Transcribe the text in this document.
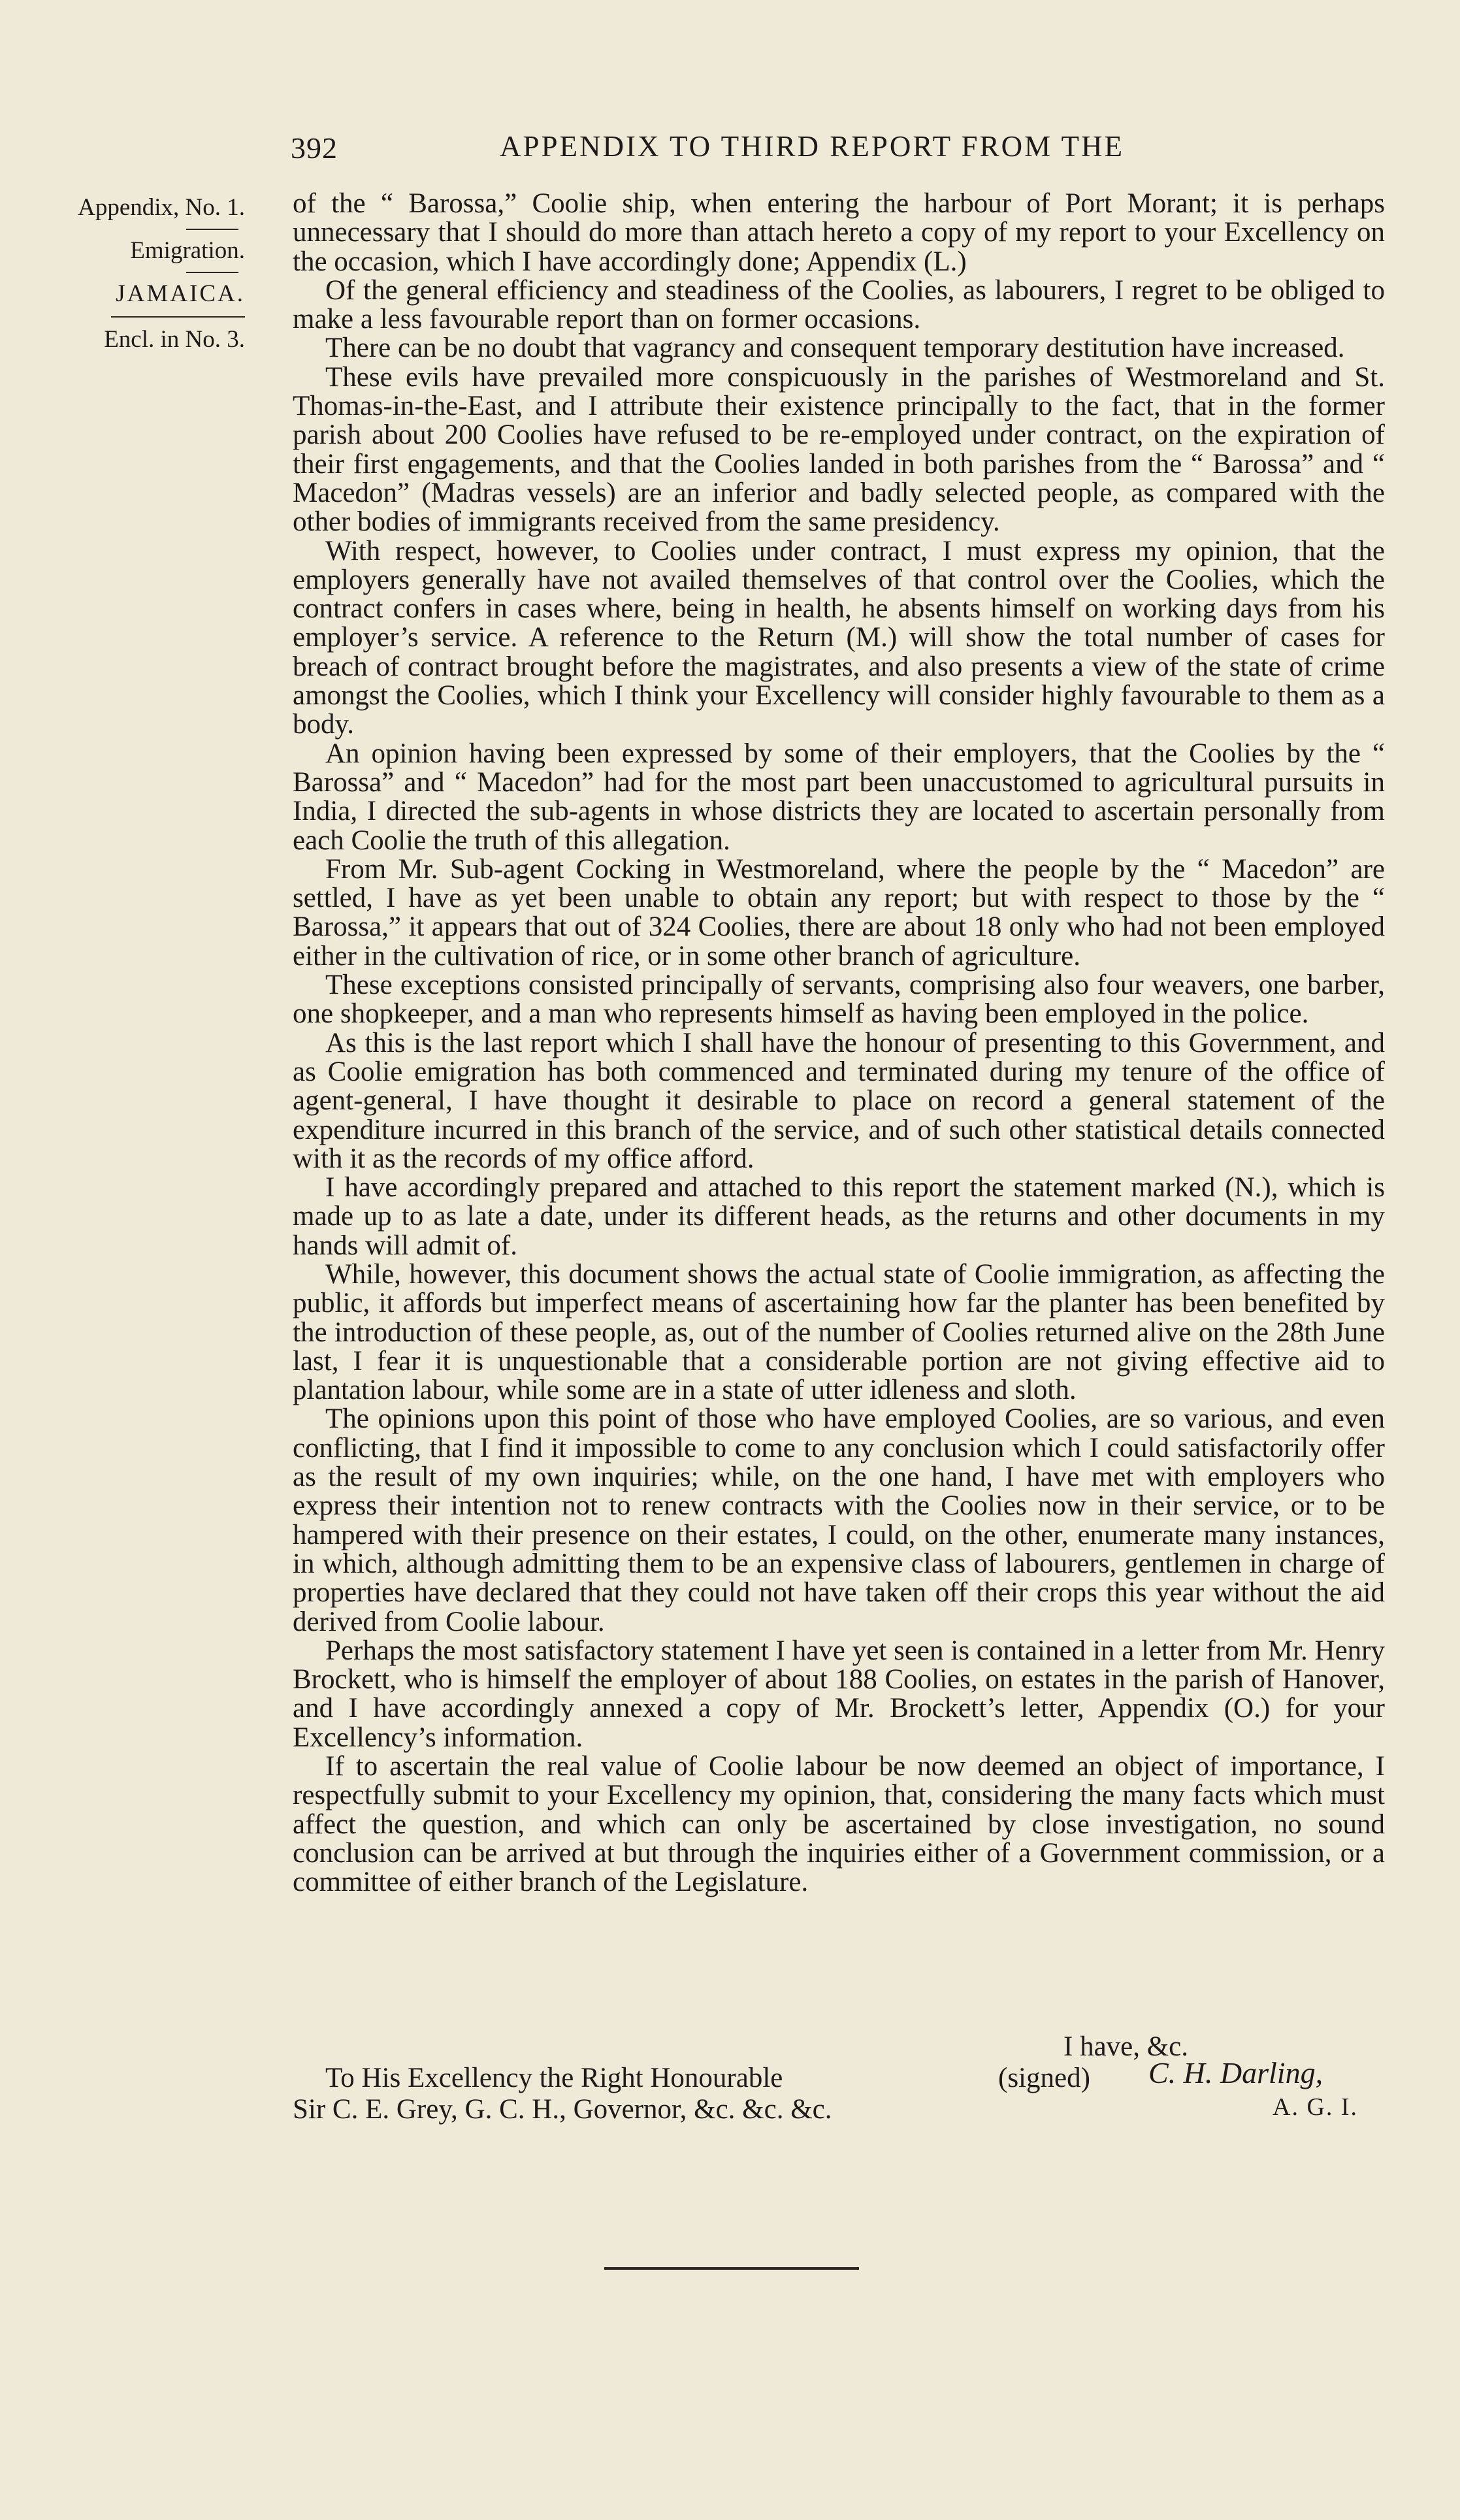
392	APPENDIX TO THIRD REPORT FROM THE
Appendix, No. 1.
Emigration.
JAMAICA.
Encl. in No. 3.

of the “ Barossa,” Coolie ship, when entering the harbour of Port Morant; it is perhaps unnecessary that I should do more than attach hereto a copy of my report to your Excellency on the occasion, which I have accordingly done; Appendix (L.)

Of the general efficiency and steadiness of the Coolies, as labourers, I regret to be obliged to make a less favourable report than on former occasions.

There can be no doubt that vagrancy and consequent temporary destitution have increased.

These evils have prevailed more conspicuously in the parishes of Westmoreland and St. Thomas-in-the-East, and I attribute their existence principally to the fact, that in the former parish about 200 Coolies have refused to be re-employed under contract, on the expiration of their first engagements, and that the Coolies landed in both parishes from the “ Barossa” and “ Macedon” (Madras vessels) are an inferior and badly selected people, as compared with the other bodies of immigrants received from the same presidency.

With respect, however, to Coolies under contract, I must express my opinion, that the employers generally have not availed themselves of that control over the Coolies, which the contract confers in cases where, being in health, he absents himself on working days from his employer’s service. A reference to the Return (M.) will show the total number of cases for breach of contract brought before the magistrates, and also presents a view of the state of crime amongst the Coolies, which I think your Excellency will consider highly favourable to them as a body.

An opinion having been expressed by some of their employers, that the Coolies by the “ Barossa” and “ Macedon” had for the most part been unaccustomed to agricultural pursuits in India, I directed the sub-agents in whose districts they are located to ascertain personally from each Coolie the truth of this allegation.

From Mr. Sub-agent Cocking in Westmoreland, where the people by the “ Macedon” are settled, I have as yet been unable to obtain any report; but with respect to those by the “ Barossa,” it appears that out of 324 Coolies, there are about 18 only who had not been employed either in the cultivation of rice, or in some other branch of agriculture.

These exceptions consisted principally of servants, comprising also four weavers, one barber, one shopkeeper, and a man who represents himself as having been employed in the police.

As this is the last report which I shall have the honour of presenting to this Government, and as Coolie emigration has both commenced and terminated during my tenure of the office of agent-general, I have thought it desirable to place on record a general statement of the expenditure incurred in this branch of the service, and of such other statistical details connected with it as the records of my office afford.

I have accordingly prepared and attached to this report the statement marked (N.), which is made up to as late a date, under its different heads, as the returns and other documents in my hands will admit of.

While, however, this document shows the actual state of Coolie immigration, as affecting the public, it affords but imperfect means of ascertaining how far the planter has been benefited by the introduction of these people, as, out of the number of Coolies returned alive on the 28th June last, I fear it is unquestionable that a considerable portion are not giving effective aid to plantation labour, while some are in a state of utter idleness and sloth.

The opinions upon this point of those who have employed Coolies, are so various, and even conflicting, that I find it impossible to come to any conclusion which I could satisfactorily offer as the result of my own inquiries; while, on the one hand, I have met with employers who express their intention not to renew contracts with the Coolies now in their service, or to be hampered with their presence on their estates, I could, on the other, enumerate many instances, in which, although admitting them to be an expensive class of labourers, gentlemen in charge of properties have declared that they could not have taken off their crops this year without the aid derived from Coolie labour.

Perhaps the most satisfactory statement I have yet seen is contained in a letter from Mr. Henry Brockett, who is himself the employer of about 188 Coolies, on estates in the parish of Hanover, and I have accordingly annexed a copy of Mr. Brockett’s letter, Appendix (O.) for your Excellency’s information.

If to ascertain the real value of Coolie labour be now deemed an object of importance, I respectfully submit to your Excellency my opinion, that, considering the many facts which must affect the question, and which can only be ascertained by close investigation, no sound conclusion can be arrived at but through the inquiries either of a Government commission, or a committee of either branch of the Legislature.

I have, &c.
To His Excellency the Right Honourable
Sir C. E. Grey, G. C. H., Governor, &c. &c. &c.
(signed) C. H. Darling,
A. G. I.
